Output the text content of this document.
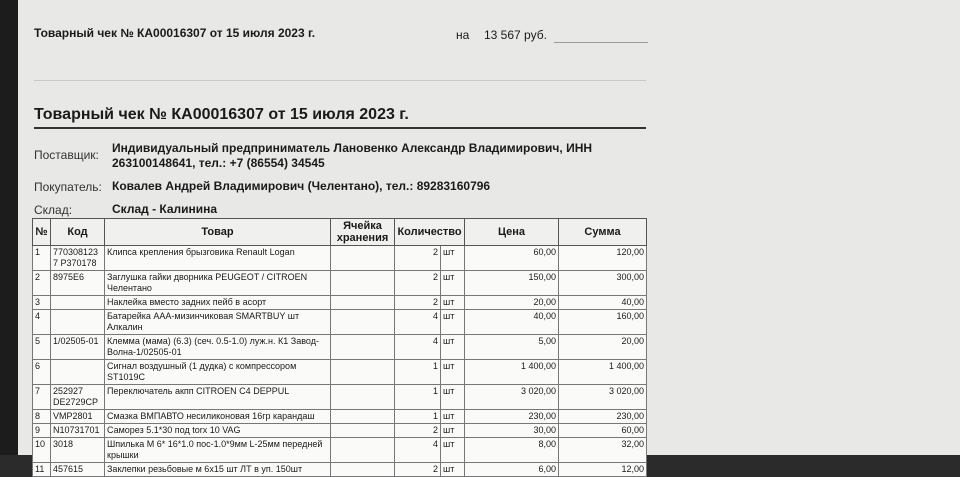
Товарный чек № КА00016307 от 15 июля 2023 г.	на 13 567 руб.
Товарный чек № КА00016307 от 15 июля 2023 г.
Поставщик: Индивидуальный предприниматель Лановенко Александр Владимирович, ИНН
263100148641, тел.: +7 (86554) 34545
Покупатель: Ковалев Андрей Владимирович (Челентано), тел.: 89283160796
Склад:	Склад - Калинина
№	Код	Товар	Ячейка хранения	Количество		Цена	Сумма
1	770308123 7 P370178	Клипса крепления брызговика Renault Logan		2	шт	60,00	120,00
2	8975E6	Заглушка гайки дворника PEUGEOT / CITROEN Челентано		2	шт	150,00	300,00
3		Наклейка вместо задних пейб в асорт		2	шт	20,00	40,00
4		Батарейка ААА-мизинчиковая SMARTBUY шт Алкалин		4	шт	40,00	160,00
5	1/02505-01	Клемма (мама) (6.3) (сеч. 0.5-1.0) луж.н. К1 Завод-Волна-1/02505-01		4	шт	5,00	20,00
6		Сигнал воздушный (1 дудка) с компрессором ST1019C		1	шт	1 400,00	1 400,00
7	252927 DE2729CP	Переключатель акпп CITROEN C4 DEPPUL		1	шт	3 020,00	3 020,00
8	VMP2801	Смазка ВМПАВТО несиликоновая 16гр карандаш		1	шт	230,00	230,00
9	N10731701	Саморез 5.1*30 под torx 10 VAG		2	шт	30,00	60,00
10	3018	Шпилька М 6* 16*1.0 пос-1.0*9мм L-25мм передней крышки		4	шт	8,00	32,00
11	457615	Заклепки резьбовые м 6х15 шт ЛТ в уп. 150шт		2	шт	6,00	12,00
